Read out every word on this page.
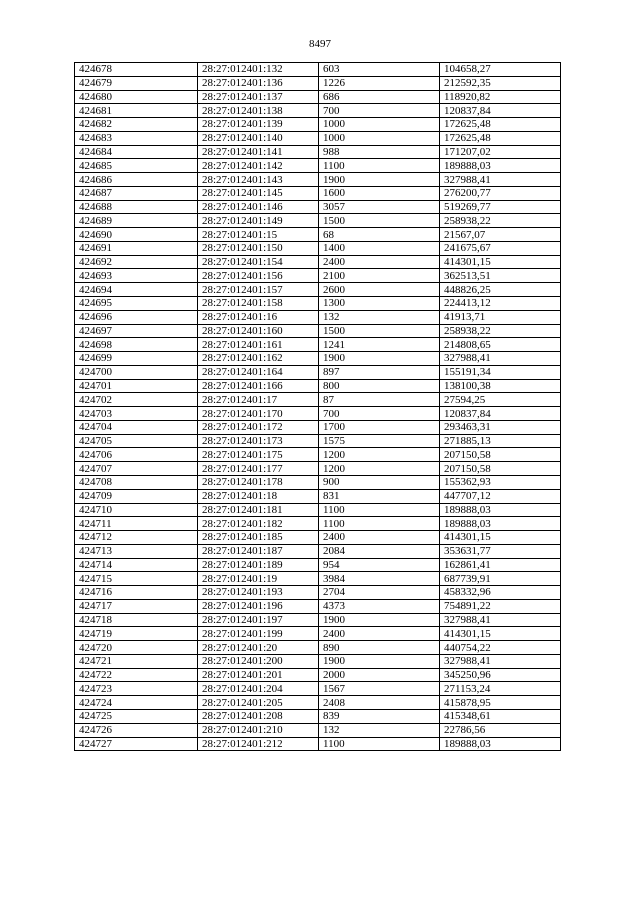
8497
424678	28:27:012401:132	603	104658,27
424679	28:27:012401:136	1226	212592,35
424680	28:27:012401:137	686	118920,82
424681	28:27:012401:138	700	120837,84
424682	28:27:012401:139	1000	172625,48
424683	28:27:012401:140	1000	172625,48
424684	28:27:012401:141	988	171207,02
424685	28:27:012401:142	1100	189888,03
424686	28:27:012401:143	1900	327988,41
424687	28:27:012401:145	1600	276200,77
424688	28:27:012401:146	3057	519269,77
424689	28:27:012401:149	1500	258938,22
424690	28:27:012401:15	68	21567,07
424691	28:27:012401:150	1400	241675,67
424692	28:27:012401:154	2400	414301,15
424693	28:27:012401:156	2100	362513,51
424694	28:27:012401:157	2600	448826,25
424695	28:27:012401:158	1300	224413,12
424696	28:27:012401:16	132	41913,71
424697	28:27:012401:160	1500	258938,22
424698	28:27:012401:161	1241	214808,65
424699	28:27:012401:162	1900	327988,41
424700	28:27:012401:164	897	155191,34
424701	28:27:012401:166	800	138100,38
424702	28:27:012401:17	87	27594,25
424703	28:27:012401:170	700	120837,84
424704	28:27:012401:172	1700	293463,31
424705	28:27:012401:173	1575	271885,13
424706	28:27:012401:175	1200	207150,58
424707	28:27:012401:177	1200	207150,58
424708	28:27:012401:178	900	155362,93
424709	28:27:012401:18	831	447707,12
424710	28:27:012401:181	1100	189888,03
424711	28:27:012401:182	1100	189888,03
424712	28:27:012401:185	2400	414301,15
424713	28:27:012401:187	2084	353631,77
424714	28:27:012401:189	954	162861,41
424715	28:27:012401:19	3984	687739,91
424716	28:27:012401:193	2704	458332,96
424717	28:27:012401:196	4373	754891,22
424718	28:27:012401:197	1900	327988,41
424719	28:27:012401:199	2400	414301,15
424720	28:27:012401:20	890	440754,22
424721	28:27:012401:200	1900	327988,41
424722	28:27:012401:201	2000	345250,96
424723	28:27:012401:204	1567	271153,24
424724	28:27:012401:205	2408	415878,95
424725	28:27:012401:208	839	415348,61
424726	28:27:012401:210	132	22786,56
424727	28:27:012401:212	1100	189888,03
